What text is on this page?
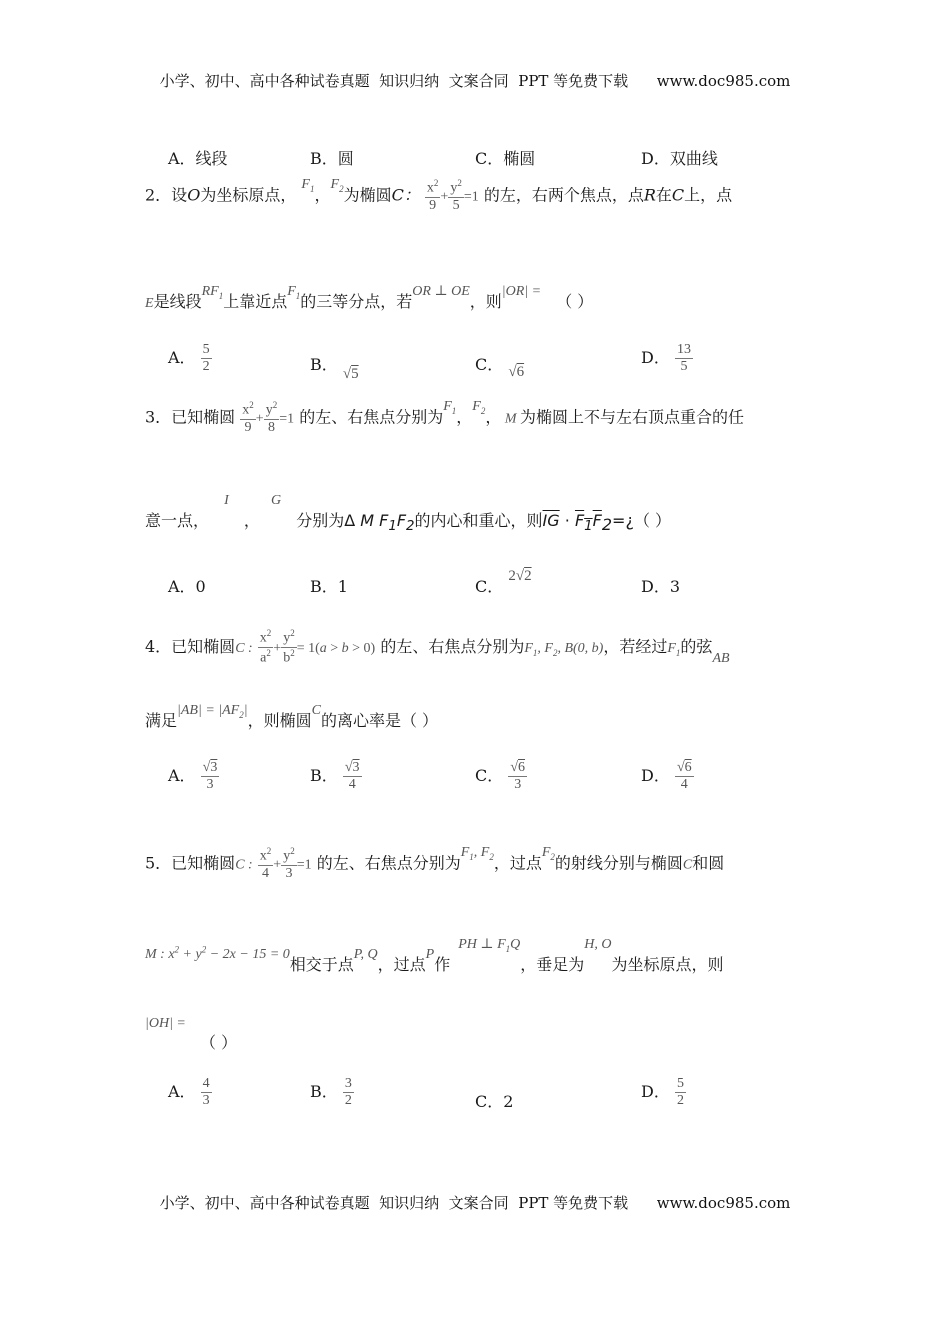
小学、初中、高中各种试卷真题  知识归纳  文案合同  PPT 等免费下载      www.doc985.com
A．线段	B．圆	C．椭圆	D．双曲线
2．设O为坐标原点， $F_1$，$F_2$为椭圆C： $\frac{x^2}{9} + \frac{y^2}{5} =1$ 的左，右两个焦点，点R在C上，点
E是线段$RF_1$上靠近点$F_1$的三等分点，若OR ⊥ OE，则|OR| = （ ）
A． $\frac{5}{2}$	B． √5	C． √6
D． $\frac{13}{5}$
3．已知椭圆 $\frac{x^2}{9} + \frac{y^2}{8} =1$ 的左、右焦点分别为$F_1$，$F_2$， M 为椭圆上不与左右顶点重合的任
意一点， I ， G 分别为Δ M $F_1F_2$的内心和重心，则$\overline{IG}$ · $F_1F_2=¿$（ ）
A．0	B．1	C． 2√2
D．3
4．已知椭圆C : $\frac{x^2}{a^2} + \frac{y^2}{b^2} = 1(a > b > 0)$ 的左、右焦点分别为$F_1$, $F_2$, B(0, b)，若经过$F_1$的弦AB
满足$|AB| = |AF_2|$，则椭圆C的离心率是（ ）
A． $\frac{√3}{3}$	B． $\frac{√3}{4}$	C． $\frac{√6}{3}$	D． $\frac{√6}{4}$
5．已知椭圆C : $\frac{x^2}{4} + \frac{y^2}{3} =1$ 的左、右焦点分别为$F_1$, $F_2$，过点$F_2$的射线分别与椭圆C和圆
M : $x^2 + y^2 - 2x - 15 = 0$相交于点P, Q，过点P作PH ⊥ $F_1Q$，垂足为H, O为坐标原点，则
|OH| =
（ ）
A． $\frac{4}{3}$	B． $\frac{3}{2}$	C．2
D． $\frac{5}{2}$
小学、初中、高中各种试卷真题  知识归纳  文案合同  PPT 等免费下载      www.doc985.com
